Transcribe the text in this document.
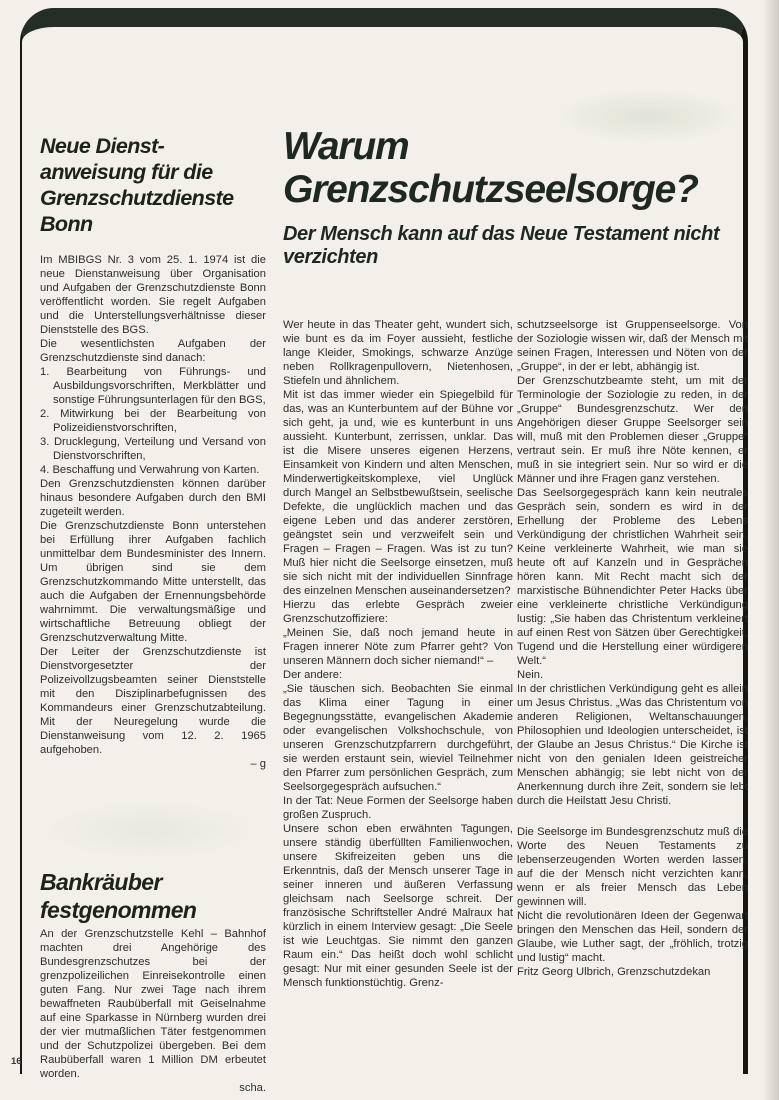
Neue Dienst-
anweisung für die
Grenzschutzdienste
Bonn

Im MBIBGS Nr. 3 vom 25. 1. 1974 ist die neue Dienstanweisung über Organisation und Aufgaben der Grenzschutzdienste Bonn veröffentlicht worden. Sie regelt Aufgaben und die Unterstellungsverhältnisse dieser Dienststelle des BGS.

Die wesentlichsten Aufgaben der Grenzschutzdienste sind danach:

1. Bearbeitung von Führungs- und Ausbildungsvorschriften, Merkblätter und sonstige Führungsunterlagen für den BGS,

2. Mitwirkung bei der Bearbeitung von Polizeidienstvorschriften,

3. Drucklegung, Verteilung und Versand von Dienstvorschriften,

4. Beschaffung und Verwahrung von Karten.

Den Grenzschutzdiensten können darüber hinaus besondere Aufgaben durch den BMI zugeteilt werden.

Die Grenzschutzdienste Bonn unterstehen bei Erfüllung ihrer Aufgaben fachlich unmittelbar dem Bundesminister des Innern. Um übrigen sind sie dem Grenzschutzkommando Mitte unterstellt, das auch die Aufgaben der Ernennungsbehörde wahrnimmt. Die verwaltungsmäßige und wirtschaftliche Betreuung obliegt der Grenzschutzverwaltung Mitte.

Der Leiter der Grenzschutzdienste ist Dienstvorgesetzter der Polizeivollzugsbeamten seiner Dienststelle mit den Disziplinarbefugnissen des Kommandeurs einer Grenzschutzabteilung. Mit der Neuregelung wurde die Dienstanweisung vom 12. 2. 1965 aufgehoben.

– g

Bankräuber
festgenommen

An der Grenzschutzstelle Kehl – Bahnhof machten drei Angehörige des Bundesgrenzschutzes bei der grenzpolizeilichen Einreisekontrolle einen guten Fang. Nur zwei Tage nach ihrem bewaffneten Raubüberfall mit Geiselnahme auf eine Sparkasse in Nürnberg wurden drei der vier mutmaßlichen Täter festgenommen und der Schutzpolizei übergeben. Bei dem Raubüberfall waren 1 Million DM erbeutet worden.

scha.

Warum
Grenzschutzseelsorge?
Der Mensch kann auf das Neue Testament nicht verzichten

Wer heute in das Theater geht, wundert sich, wie bunt es da im Foyer aussieht, festliche lange Kleider, Smokings, schwarze Anzüge neben Rollkragenpullovern, Nietenhosen, Stiefeln und ähnlichem.

Mit ist das immer wieder ein Spiegelbild für das, was an Kunterbuntem auf der Bühne vor sich geht, ja und, wie es kunterbunt in uns aussieht. Kunterbunt, zerrissen, unklar. Das ist die Misere unseres eigenen Herzens, Einsamkeit von Kindern und alten Menschen, Minderwertigkeitskomplexe, viel Unglück durch Mangel an Selbstbewußtsein, seelische Defekte, die unglücklich machen und das eigene Leben und das anderer zerstören, geängstet sein und verzweifelt sein und Fragen – Fragen – Fragen. Was ist zu tun? Muß hier nicht die Seelsorge einsetzen, muß sie sich nicht mit der individuellen Sinnfrage des einzelnen Menschen auseinandersetzen?

Hierzu das erlebte Gespräch zweier Grenzschutzoffiziere:

„Meinen Sie, daß noch jemand heute in Fragen innerer Nöte zum Pfarrer geht? Von unseren Männern doch sicher niemand!“ –

Der andere:

„Sie täuschen sich. Beobachten Sie einmal das Klima einer Tagung in einer Begegnungsstätte, evangelischen Akademie oder evangelischen Volkshochschule, von unseren Grenzschutzpfarrern durchgeführt, sie werden erstaunt sein, wieviel Teilnehmer den Pfarrer zum persönlichen Gespräch, zum Seelsorgegespräch aufsuchen.“

In der Tat: Neue Formen der Seelsorge haben großen Zuspruch.

Unsere schon eben erwähnten Tagungen, unsere ständig überfüllten Familienwochen, unsere Skifreizeiten geben uns die Erkenntnis, daß der Mensch unserer Tage in seiner inneren und äußeren Verfassung gleichsam nach Seelsorge schreit. Der französische Schriftsteller André Malraux hat kürzlich in einem Interview gesagt: „Die Seele ist wie Leuchtgas. Sie nimmt den ganzen Raum ein.“ Das heißt doch wohl schlicht gesagt: Nur mit einer gesunden Seele ist der Mensch funktionstüchtig. Grenz-

schutzseelsorge ist Gruppenseelsorge. Von der Soziologie wissen wir, daß der Mensch mit seinen Fragen, Interessen und Nöten von der „Gruppe“, in der er lebt, abhängig ist.

Der Grenzschutzbeamte steht, um mit der Terminologie der Soziologie zu reden, in der „Gruppe“ Bundesgrenzschutz. Wer den Angehörigen dieser Gruppe Seelsorger sein will, muß mit den Problemen dieser „Gruppe“ vertraut sein. Er muß ihre Nöte kennen, er muß in sie integriert sein. Nur so wird er die Männer und ihre Fragen ganz verstehen.

Das Seelsorgegespräch kann kein neutrales Gespräch sein, sondern es wird in der Erhellung der Probleme des Lebens Verkündigung der christlichen Wahrheit sein. Keine verkleinerte Wahrheit, wie man sie heute oft auf Kanzeln und in Gesprächen hören kann. Mit Recht macht sich der marxistische Bühnendichter Peter Hacks über eine verkleinerte christliche Verkündigung lustig: „Sie haben das Christentum verkleinert auf einen Rest von Sätzen über Gerechtigkeit, Tugend und die Herstellung einer würdigeren Welt.“

Nein.

In der christlichen Verkündigung geht es allein um Jesus Christus. „Was das Christentum von anderen Religionen, Weltanschauungen, Philosophien und Ideologien unterscheidet, ist der Glaube an Jesus Christus.“ Die Kirche ist nicht von den genialen Ideen geistreicher Menschen abhängig; sie lebt nicht von der Anerkennung durch ihre Zeit, sondern sie lebt durch die Heilstatt Jesu Christi.

Die Seelsorge im Bundesgrenzschutz muß die Worte des Neuen Testaments zu lebenserzeugenden Worten werden lassen, auf die der Mensch nicht verzichten kann, wenn er als freier Mensch das Leben gewinnen will.

Nicht die revolutionären Ideen der Gegenwart bringen den Menschen das Heil, sondern der Glaube, wie Luther sagt, der „fröhlich, trotzig und lustig“ macht.

Fritz Georg Ulbrich, Grenzschutzdekan

16
